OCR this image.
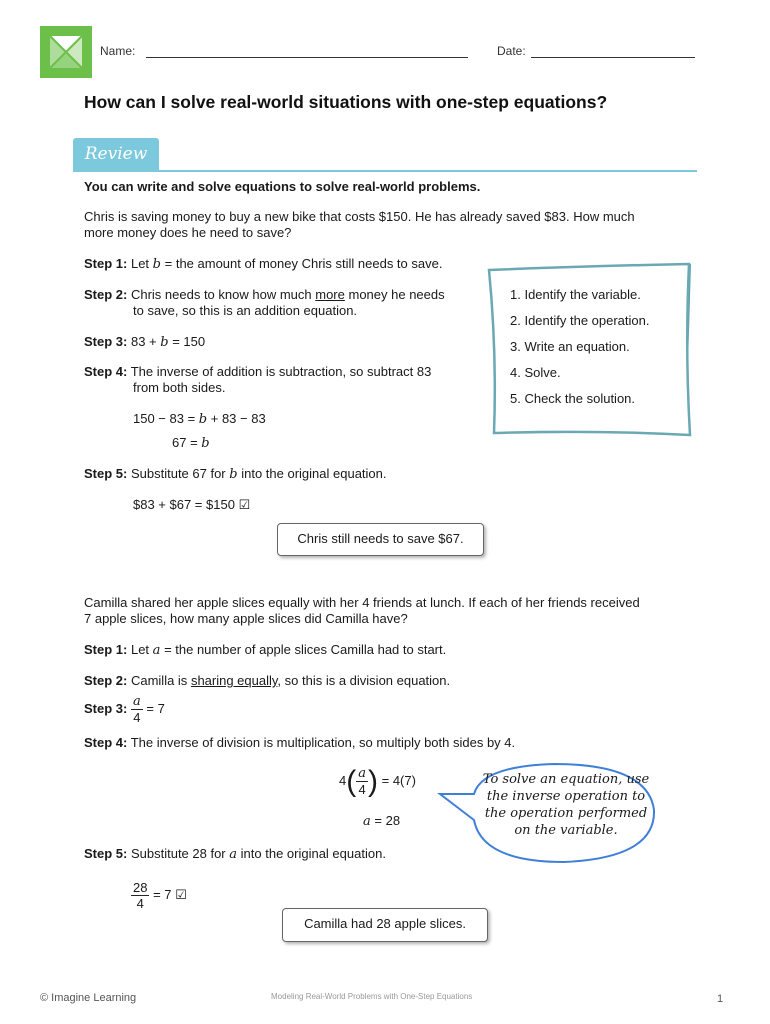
Name:	Date:
How can I solve real-world situations with one-step equations?
Review
You can write and solve equations to solve real-world problems.
Chris is saving money to buy a new bike that costs $150. He has already saved $83. How much
more money does he need to save?
Step 1: Let b = the amount of money Chris still needs to save.
Step 2: Chris needs to know how much more money he needs
to save, so this is an addition equation.
Step 3: 83 + b = 150
Step 4: The inverse of addition is subtraction, so subtract 83
from both sides.
150 − 83 = b + 83 − 83
67 = b
Step 5: Substitute 67 for b into the original equation.
$83 + $67 = $150 ☑
Chris still needs to save $67.
1. Identify the variable.
2. Identify the operation.
3. Write an equation.
4. Solve.
5. Check the solution.
Camilla shared her apple slices equally with her 4 friends at lunch. If each of her friends received
7 apple slices, how many apple slices did Camilla have?
Step 1: Let a = the number of apple slices Camilla had to start.
Step 2: Camilla is sharing equally, so this is a division equation.
Step 3: $\frac{a}{4} = 7$
Step 4: The inverse of division is multiplication, so multiply both sides by 4.
$4( \frac{a}{4}$ ) = 4(7)
a = 28
Step 5: Substitute 28 for a into the original equation.
$\frac{28}{4} = 7$ ☑
Camilla had 28 apple slices.
To solve an equation, use the inverse operation to the operation performed on the variable.
© Imagine Learning	Modeling Real-World Problems with One-Step Equations	1
